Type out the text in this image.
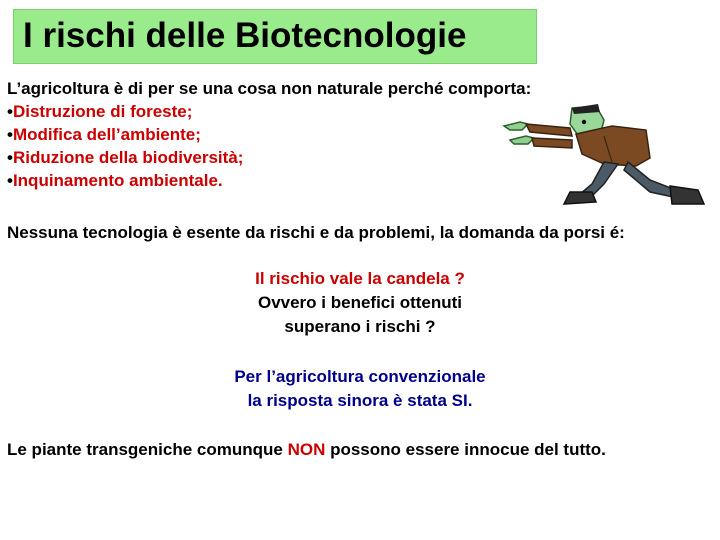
I rischi delle Biotecnologie
L’agricoltura è di per se una cosa non naturale perché comporta:
• Distruzione di foreste;
• Modifica dell’ambiente;
• Riduzione della biodiversità;
• Inquinamento ambientale.
Nessuna tecnologia è esente da rischi e da problemi, la domanda da porsi é:
Il rischio vale la candela ?
Ovvero i benefici ottenuti
superano i rischi ?
Per l’agricoltura convenzionale
la risposta sinora è stata SI.
Le piante transgeniche comunque NON possono essere innocue del tutto.
